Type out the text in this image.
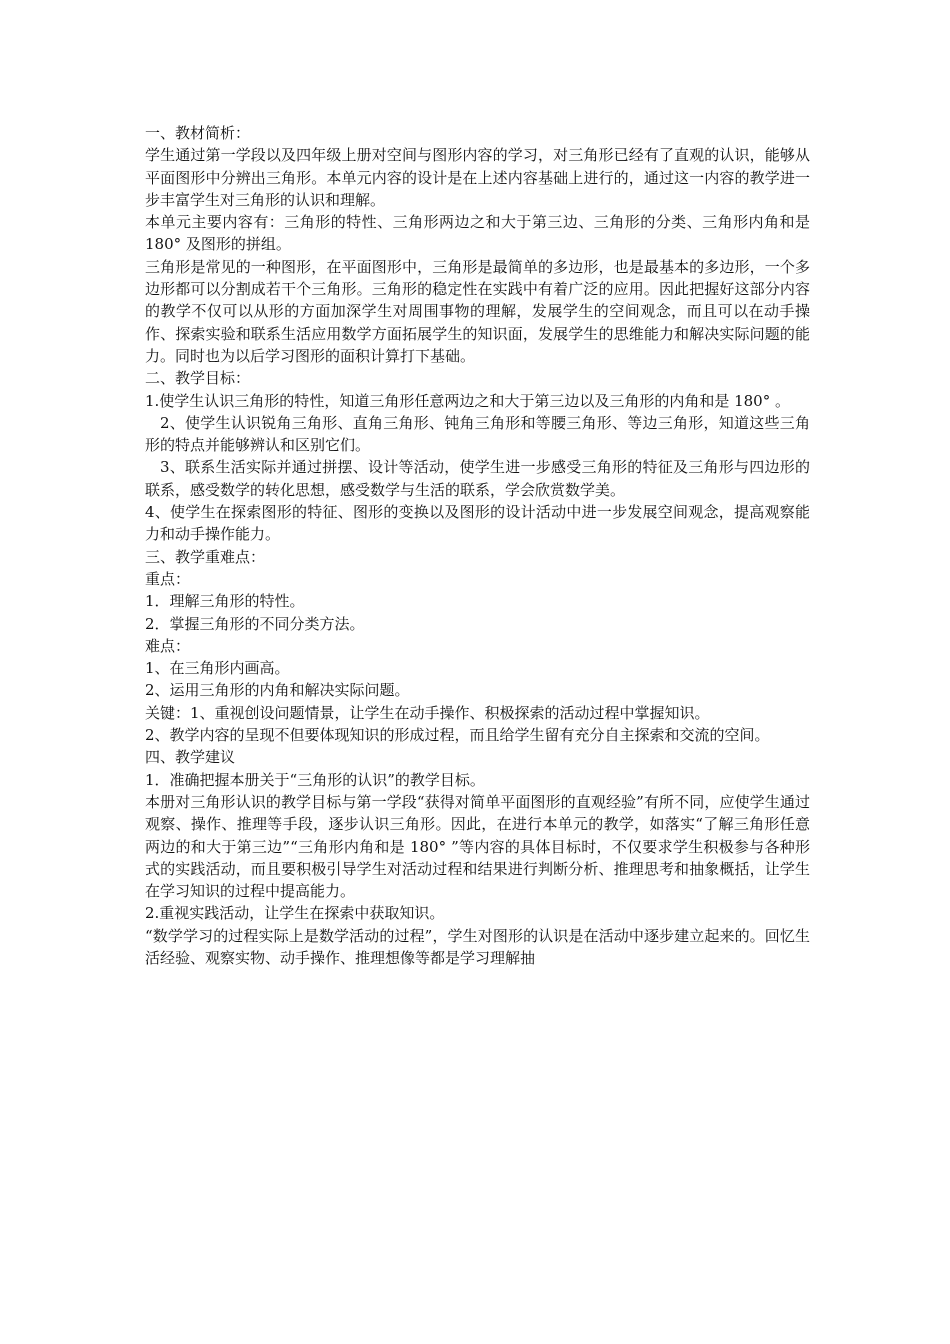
一、教材简析：

学生通过第一学段以及四年级上册对空间与图形内容的学习，对三角形已经有了直观的认识，能够从平面图形中分辨出三角形。本单元内容的设计是在上述内容基础上进行的，通过这一内容的教学进一步丰富学生对三角形的认识和理解。

本单元主要内容有：三角形的特性、三角形两边之和大于第三边、三角形的分类、三角形内角和是 180° 及图形的拼组。

三角形是常见的一种图形，在平面图形中，三角形是最简单的多边形，也是最基本的多边形，一个多边形都可以分割成若干个三角形。三角形的稳定性在实践中有着广泛的应用。因此把握好这部分内容的教学不仅可以从形的方面加深学生对周围事物的理解，发展学生的空间观念，而且可以在动手操作、探索实验和联系生活应用数学方面拓展学生的知识面，发展学生的思维能力和解决实际问题的能力。同时也为以后学习图形的面积计算打下基础。

二、教学目标：

1.使学生认识三角形的特性，知道三角形任意两边之和大于第三边以及三角形的内角和是 180° 。

2、使学生认识锐角三角形、直角三角形、钝角三角形和等腰三角形、等边三角形，知道这些三角形的特点并能够辨认和区别它们。

3、联系生活实际并通过拼摆、设计等活动，使学生进一步感受三角形的特征及三角形与四边形的联系，感受数学的转化思想，感受数学与生活的联系，学会欣赏数学美。

4、使学生在探索图形的特征、图形的变换以及图形的设计活动中进一步发展空间观念，提高观察能力和动手操作能力。

三、教学重难点：

重点：

1．理解三角形的特性。

2．掌握三角形的不同分类方法。

难点：

1、在三角形内画高。

2、运用三角形的内角和解决实际问题。

关键：1、重视创设问题情景，让学生在动手操作、积极探索的活动过程中掌握知识。

2、教学内容的呈现不但要体现知识的形成过程，而且给学生留有充分自主探索和交流的空间。

四、教学建议

1．准确把握本册关于“三角形的认识”的教学目标。

本册对三角形认识的教学目标与第一学段“获得对简单平面图形的直观经验”有所不同，应使学生通过观察、操作、推理等手段，逐步认识三角形。因此，在进行本单元的教学，如落实“了解三角形任意两边的和大于第三边”“三角形内角和是 180° ”等内容的具体目标时，不仅要求学生积极参与各种形式的实践活动，而且要积极引导学生对活动过程和结果进行判断分析、推理思考和抽象概括，让学生在学习知识的过程中提高能力。

2.重视实践活动，让学生在探索中获取知识。

“数学学习的过程实际上是数学活动的过程”，学生对图形的认识是在活动中逐步建立起来的。回忆生活经验、观察实物、动手操作、推理想像等都是学习理解抽
